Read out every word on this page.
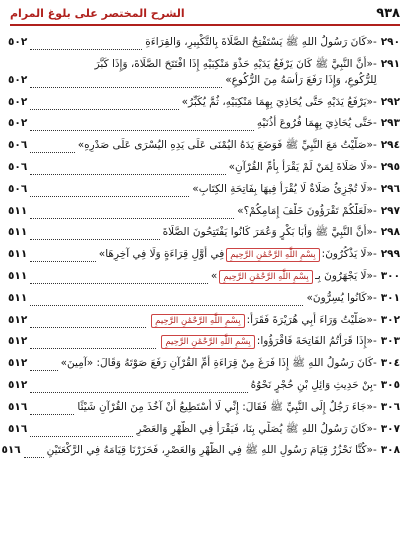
٩٣٨
الشرح المختصر على بلوغ المرام
٢٩٠
-«كَانَ رَسُولُ اللهِ ﷺ يَسْتَفْتِحُ الصَّلَاةَ بِالتَّكْبِيرِ، وَالقِرَاءَةِ
٥٠٢
٢٩١
-«أَنَّ النَّبِيَّ ﷺ كَانَ يَرْفَعُ يَدَيْهِ حَذْوَ مَنْكِبَيْهِ إِذَا افْتَتَحَ الصَّلَاةَ، وَإِذَا كَبَّرَ
لِلرُّكُوعِ، وَإِذَا رَفَعَ رَأْسَهُ مِنَ الرُّكُوعِ»
٥٠٢
٢٩٢
-«يَرْفَعُ يَدَيْهِ حَتَّى يُحَاذِيَ بِهِمَا مَنْكِبَيْهِ، ثُمَّ يُكَبِّرُ»
٥٠٢
٢٩٣
-حَتَّى يُحَاذِيَ بِهِمَا فُرُوعَ أُذُنَيْهِ
٥٠٢
٢٩٤
-«صَلَّيْتُ مَعَ النَّبِيِّ ﷺ فَوَضَعَ يَدَهُ اليُمْنَى عَلَى يَدِهِ اليُسْرَى عَلَى صَدْرِهِ»
٥٠٦
٢٩٥
-«لَا صَلَاةَ لِمَنْ لَمْ يَقْرَأْ بِأُمِّ القُرْآنِ»
٥٠٦
٢٩٦
-«لَا تُجْزِئُ صَلَاةٌ لَا يُقْرَأُ فِيهَا بِفَاتِحَةِ الكِتَابِ»
٥٠٦
٢٩٧
-«لَعَلَّكُمْ تَقْرَؤُونَ خَلْفَ إِمَامِكُمْ؟»
٥١١
٢٩٨
-«أَنَّ النَّبِيَّ ﷺ وَأَبَا بَكْرٍ وَعُمَرَ كَانُوا يَفْتَتِحُونَ الصَّلَاةَ
٥١١
٢٩٩
-«لَا يَذْكُرُونَ:
بِسْمِ اللَّهِ الرَّحْمَٰنِ الرَّحِيمِ
فِي أَوَّلِ قِرَاءَةٍ وَلَا فِي آخِرِهَا»
٥١١
٣٠٠
-«لَا يَجْهَرُونَ بِـ
بِسْمِ اللَّهِ الرَّحْمَٰنِ الرَّحِيمِ
»
٥١١
٣٠١
-«كَانُوا يُسِرُّونَ»
٥١١
٣٠٢
-«صَلَّيْتُ وَرَاءَ أَبِي هُرَيْرَةَ فَقَرَأَ:
بِسْمِ اللَّهِ الرَّحْمَٰنِ الرَّحِيمِ
٥١٢
٣٠٣
-«إِذَا قَرَأْتُمُ الفَاتِحَةَ فَاقْرَؤُوا:
بِسْمِ اللَّهِ الرَّحْمَٰنِ الرَّحِيمِ
٥١٢
٣٠٤
-كَانَ رَسُولُ اللهِ ﷺ إِذَا فَرَغَ مِنْ قِرَاءَةِ أُمِّ القُرْآنِ رَفَعَ صَوْتَهُ وَقَالَ: «آمِينَ»
٥١٢
٣٠٥
-بِنْ حَدِيثِ وَائِلِ بْنِ حُجْرٍ نَحْوُهُ
٥١٢
٣٠٦
-«جَاءَ رَجُلٌ إِلَى النَّبِيِّ ﷺ فَقَالَ: إِنِّي لَا أَسْتَطِيعُ أَنْ آخُذَ مِنَ القُرْآنِ شَيْئًا
٥١٦
٣٠٧
-«كَانَ رَسُولُ اللهِ ﷺ يُصَلِّي بِنَا، فَيَقْرَأُ فِي الظُّهْرِ وَالعَصْرِ
٥١٦
٣٠٨
-«كُنَّا نَحْزُرُ قِيَامَ رَسُولِ اللهِ ﷺ فِي الظُّهْرِ وَالعَصْرِ، فَحَزَرْنَا قِيَامَهُ فِي الرَّكْعَتَيْنِ
٥١٦
